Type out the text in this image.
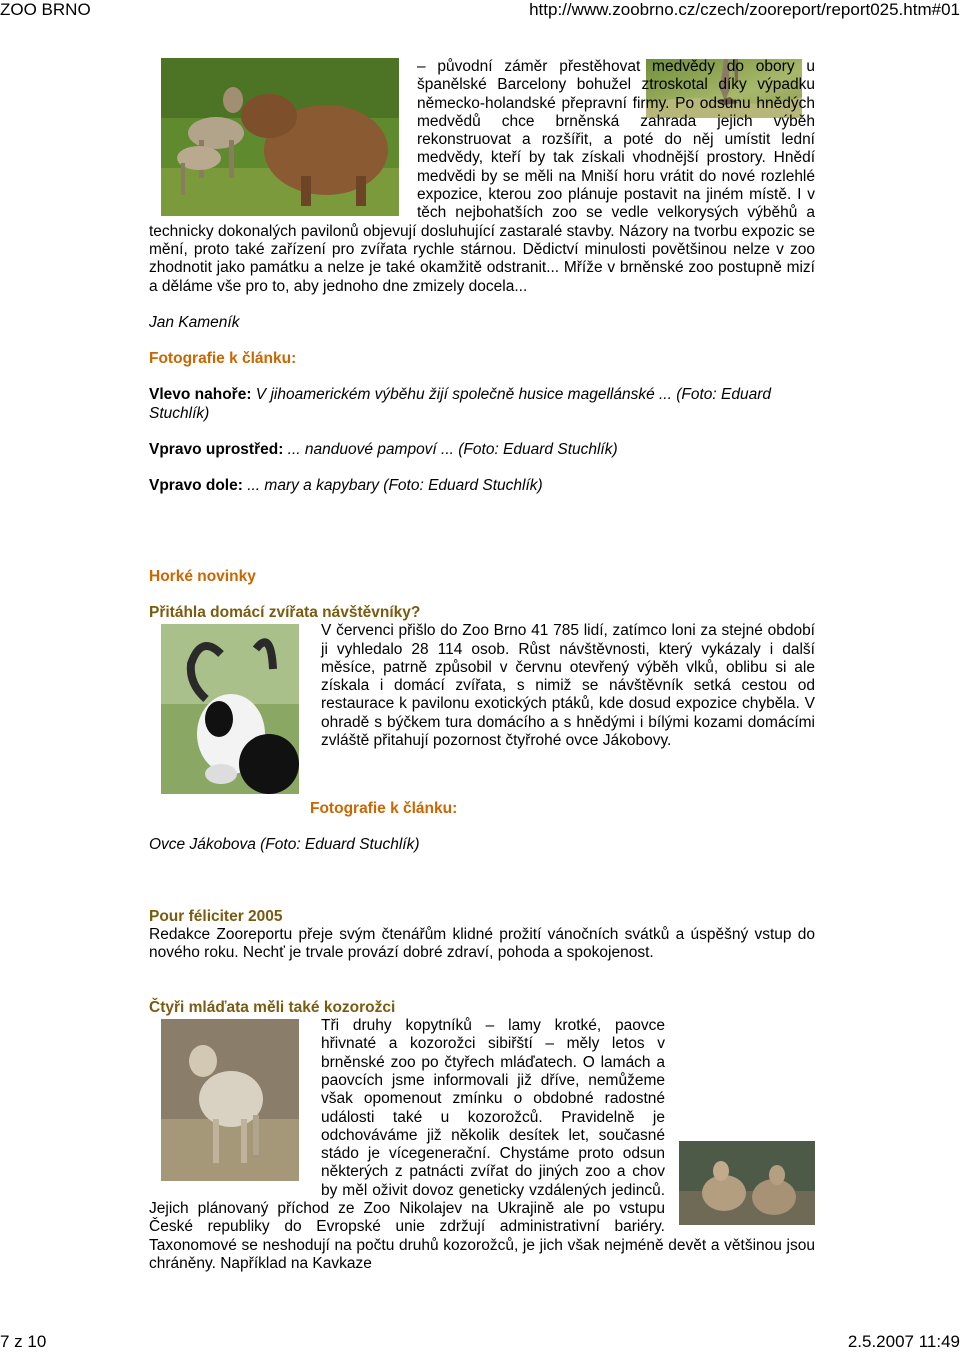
ZOO BRNO	http://www.zoobrno.cz/czech/zooreport/report025.htm#01

– původní záměr přestěhovat medvědy do obory u španělské Barcelony bohužel ztroskotal díky výpadku německo-holandské přepravní firmy. Po odsunu hnědých medvědů chce brněnská zahrada jejich výběh rekonstruovat a rozšířit, a poté do něj umístit lední medvědy, kteří by tak získali vhodnější prostory. Hnědí medvědi by se měli na Mniší horu vrátit do nové rozlehlé expozice, kterou zoo plánuje postavit na jiném místě. I v těch nejbohatších zoo se vedle velkorysých výběhů a technicky dokonalých pavilonů objevují dosluhující zastaralé stavby. Názory na tvorbu expozic se mění, proto také zařízení pro zvířata rychle stárnou. Dědictví minulosti povětšinou nelze v zoo zhodnotit jako památku a nelze je také okamžitě odstranit... Mříže v brněnské zoo postupně mizí a děláme vše pro to, aby jednoho dne zmizely docela...

Jan Kameník

Fotografie k článku:

Vlevo nahoře: V jihoamerickém výběhu žijí společně husice magellánské ... (Foto: Eduard Stuchlík)

Vpravo uprostřed: ... nanduové pampoví ... (Foto: Eduard Stuchlík)

Vpravo dole: ... mary a kapybary (Foto: Eduard Stuchlík)

Horké novinky

Přitáhla domácí zvířata návštěvníky?

V červenci přišlo do Zoo Brno 41 785 lidí, zatímco loni za stejné období ji vyhledalo 28 114 osob. Růst návštěvnosti, který vykázaly i další měsíce, patrně způsobil v červnu otevřený výběh vlků, oblibu si ale získala i domácí zvířata, s nimiž se návštěvník setká cestou od restaurace k pavilonu exotických ptáků, kde dosud expozice chyběla. V ohradě s býčkem tura domácího a s hnědými i bílými kozami domácími zvláště přitahují pozornost čtyřrohé ovce Jákobovy.

Fotografie k článku:

Ovce Jákobova (Foto: Eduard Stuchlík)

Pour féliciter 2005

Redakce Zooreportu přeje svým čtenářům klidné prožití vánočních svátků a úspěšný vstup do nového roku. Nechť je trvale provází dobré zdraví, pohoda a spokojenost.

Čtyři mláďata měli také kozorožci

Tři druhy kopytníků – lamy krotké, paovce hřivnaté a kozorožci sibiřští – měly letos v brněnské zoo po čtyřech mláďatech. O lamách a paovcích jsme informovali již dříve, nemůžeme však opomenout zmínku o obdobné radostné události také u kozorožců. Pravidelně je odchováváme již několik desítek let, současné stádo je vícegenerační. Chystáme proto odsun některých z patnácti zvířat do jiných zoo a chov by měl oživit dovoz geneticky vzdálených jedinců. Jejich plánovaný příchod ze Zoo Nikolajev na Ukrajině ale po vstupu České republiky do Evropské unie zdržují administrativní bariéry. Taxonomové se neshodují na počtu druhů kozorožců, je jich však nejméně devět a většinou jsou chráněny. Například na Kavkaze

7 z 10	2.5.2007 11:49
